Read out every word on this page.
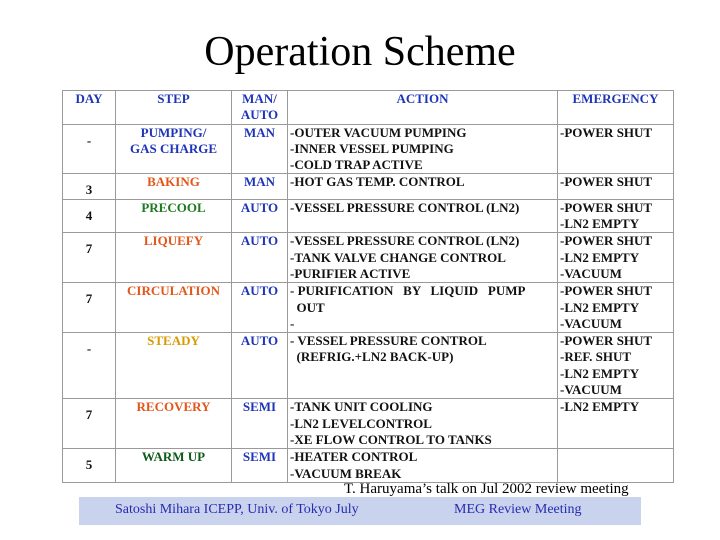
Operation Scheme
DAY	STEP	MAN/
AUTO	ACTION	EMERGENCY
-	PUMPING/
GAS CHARGE	MAN	-OUTER VACUUM PUMPING
-INNER VESSEL PUMPING
-COLD TRAP ACTIVE	-POWER SHUT

3	BAKING	MAN	-HOT GAS TEMP. CONTROL	-POWER SHUT

4	PRECOOL	AUTO	-VESSEL PRESSURE CONTROL (LN2)	-POWER SHUT
-LN2 EMPTY

7	LIQUEFY	AUTO	-VESSEL PRESSURE CONTROL (LN2)
-TANK VALVE CHANGE CONTROL
-PURIFIER ACTIVE	-POWER SHUT
-LN2 EMPTY
-VACUUM

7	CIRCULATION	AUTO	- PURIFICATION   BY   LIQUID   PUMP
OUT
-	-POWER SHUT
-LN2 EMPTY
-VACUUM

-	STEADY	AUTO	- VESSEL PRESSURE CONTROL
(REFRIG.+LN2 BACK-UP)	-POWER SHUT
-REF. SHUT
-LN2 EMPTY
-VACUUM

7	RECOVERY	SEMI	-TANK UNIT COOLING
-LN2 LEVELCONTROL
-XE FLOW CONTROL TO TANKS	-LN2 EMPTY

5	WARM UP	SEMI	-HEATER CONTROL
-VACUUM BREAK	

T. Haruyama’s talk on Jul 2002 review meeting
Satoshi Mihara ICEPP, Univ. of Tokyo July	MEG Review Meeting
